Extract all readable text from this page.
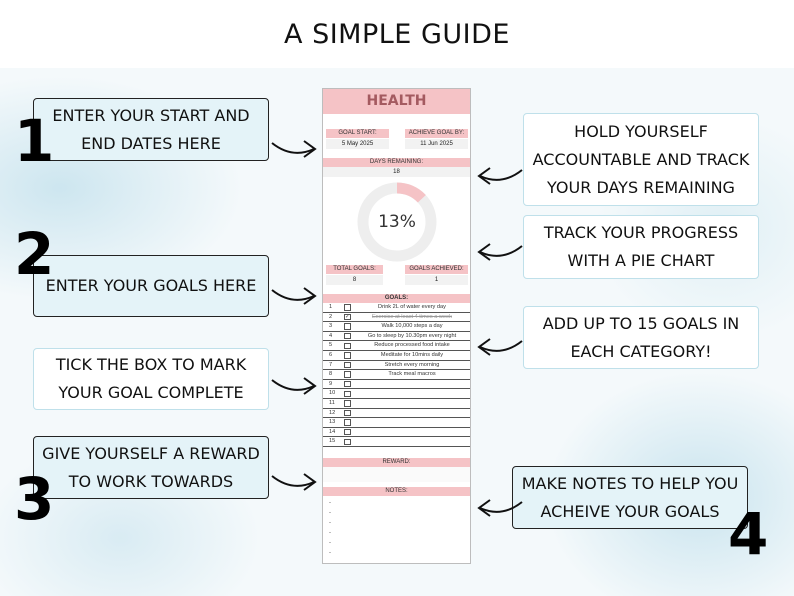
A SIMPLE GUIDE
ENTER YOUR START AND
END DATES HERE
ENTER YOUR GOALS HERE
TICK THE BOX TO MARK
YOUR GOAL COMPLETE
GIVE YOURSELF A REWARD
TO WORK TOWARDS
HOLD YOURSELF
ACCOUNTABLE AND TRACK
YOUR DAYS REMAINING
TRACK YOUR PROGRESS
WITH A PIE CHART
ADD UP TO 15 GOALS IN
EACH CATEGORY!
MAKE NOTES TO HELP YOU
ACHEIVE YOUR GOALS
1
2
3
4
HEALTH
GOAL START:
5 May 2025
ACHIEVE GOAL BY:
11 Jun 2025
DAYS REMAINING:
18
13%
TOTAL GOALS:
8
GOALS ACHIEVED:
1
GOALS:
1	Drink 2L of water every day
2	✓	Exercise at least 4 times a week
3	Walk 10,000 steps a day
4	Go to sleep by 10.30pm every night
5	Reduce processed food intake
6	Meditate for 10mins daily
7	Stretch every morning
8	Track meal macros
9
10
11
12
13
14
15
REWARD:
NOTES:
-
-
-
-
-
-
